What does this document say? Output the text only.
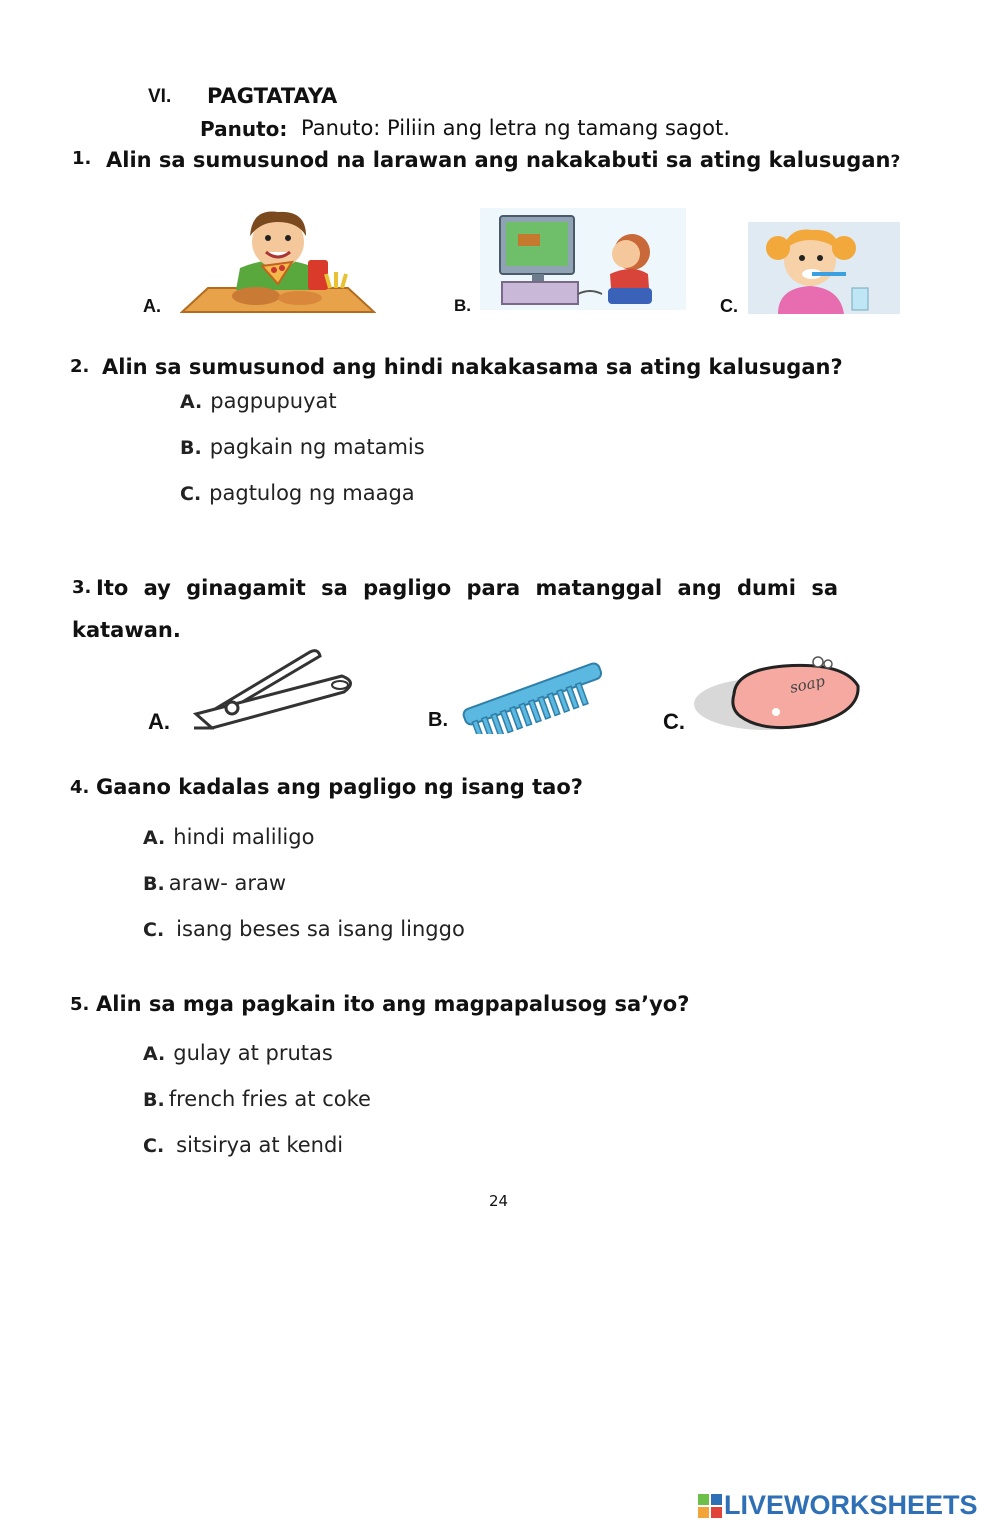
VI. PAGTATAYA
Panuto: Panuto: Piliin ang letra ng tamang sagot.
1. Alin sa sumusunod na larawan ang nakakabuti sa ating kalusugan?
A.	B.	C.
2. Alin sa sumusunod ang hindi nakakasama sa ating kalusugan?
A. pagpupuyat
B. pagkain ng matamis
C. pagtulog ng maaga
3. Ito ay ginagamit sa pagligo para matanggal ang dumi sa
katawan.
A.	B.	C.
soap
4. Gaano kadalas ang pagligo ng isang tao?
A. hindi maliligo
B. araw- araw
C. isang beses sa isang linggo
5. Alin sa mga pagkain ito ang magpapalusog sa’yo?
A. gulay at prutas
B. french fries at coke
C. sitsirya at kendi
24
LIVEWORKSHEETS
